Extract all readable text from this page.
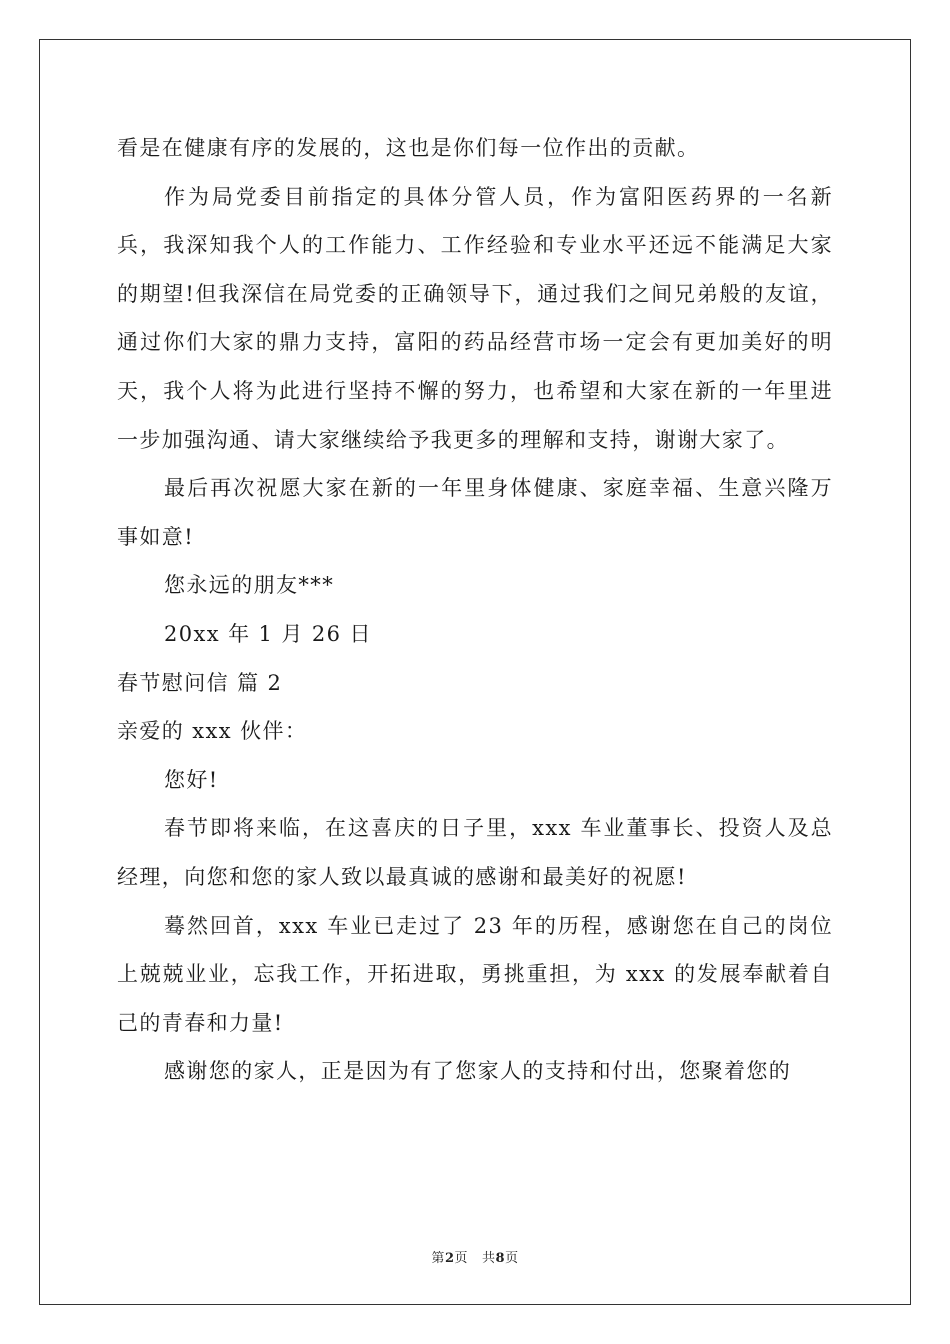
看是在健康有序的发展的，这也是你们每一位作出的贡献。

作为局党委目前指定的具体分管人员，作为富阳医药界的一名新兵，我深知我个人的工作能力、工作经验和专业水平还远不能满足大家的期望!但我深信在局党委的正确领导下，通过我们之间兄弟般的友谊，通过你们大家的鼎力支持，富阳的药品经营市场一定会有更加美好的明天，我个人将为此进行坚持不懈的努力，也希望和大家在新的一年里进一步加强沟通、请大家继续给予我更多的理解和支持，谢谢大家了。

最后再次祝愿大家在新的一年里身体健康、家庭幸福、生意兴隆万事如意!

您永远的朋友***

20xx 年 1 月 26 日

春节慰问信 篇 2

亲爱的 xxx 伙伴：

您好!

春节即将来临，在这喜庆的日子里，xxx 车业董事长、投资人及总经理，向您和您的家人致以最真诚的感谢和最美好的祝愿!

蓦然回首，xxx 车业已走过了 23 年的历程，感谢您在自己的岗位上兢兢业业，忘我工作，开拓进取，勇挑重担，为 xxx 的发展奉献着自己的青春和力量!

感谢您的家人，正是因为有了您家人的支持和付出，您聚着您的

第2页 共8页
